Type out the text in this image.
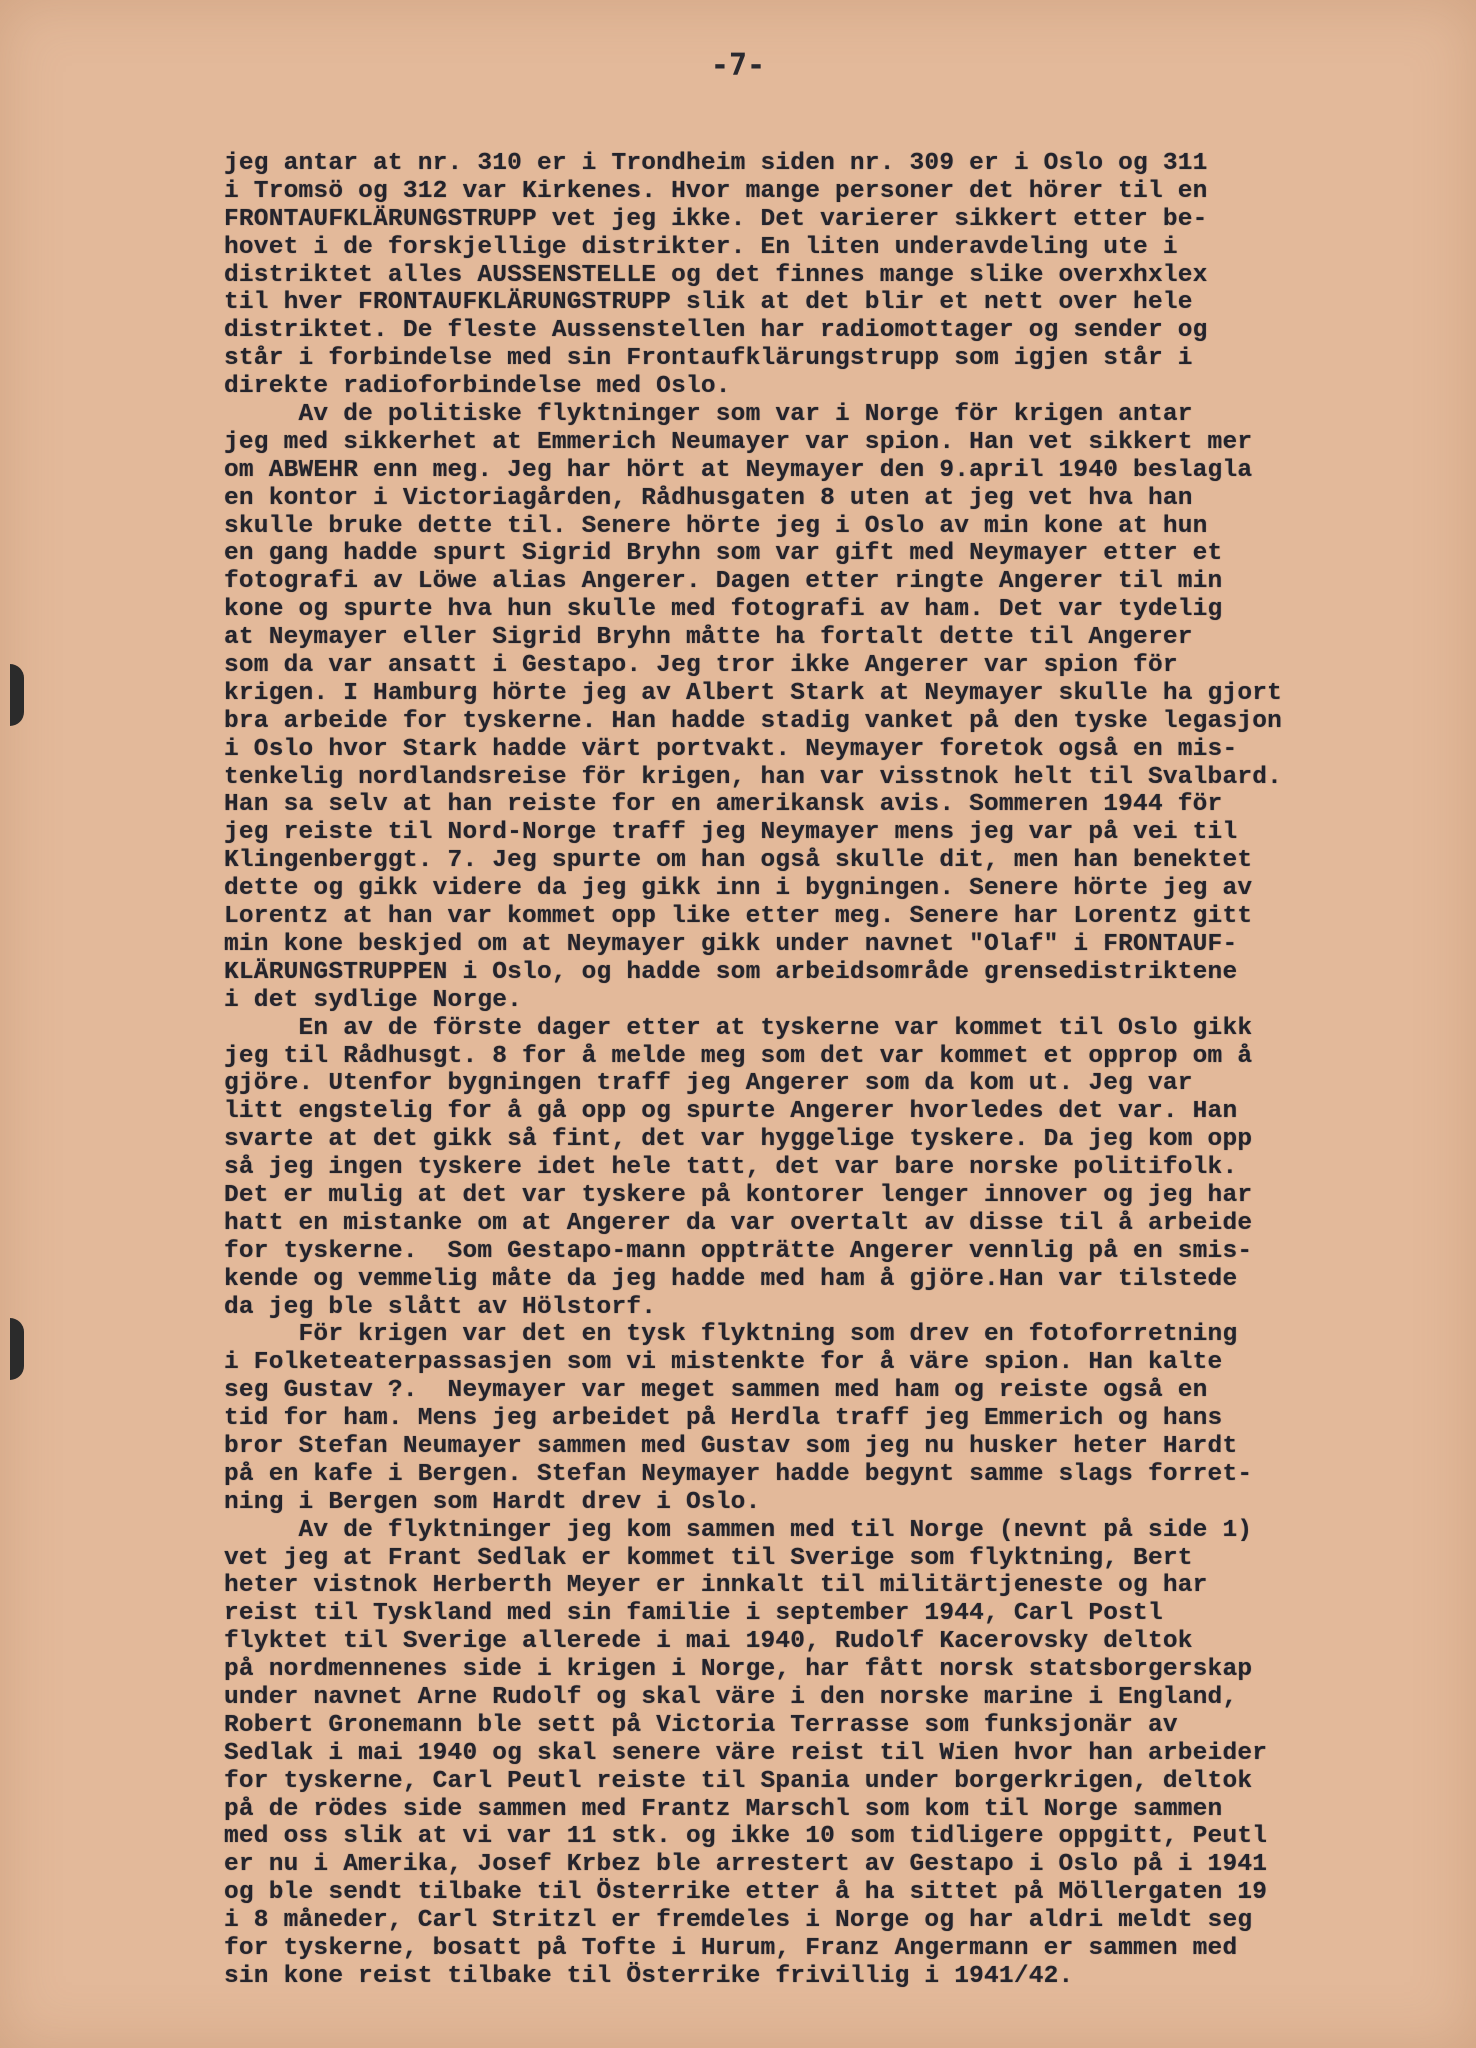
-7-
jeg antar at nr. 310 er i Trondheim siden nr. 309 er i Oslo og 311
i Tromsö og 312 var Kirkenes. Hvor mange personer det hörer til en
FRONTAUFKLÄRUNGSTRUPP vet jeg ikke. Det varierer sikkert etter be-
hovet i de forskjellige distrikter. En liten underavdeling ute i
distriktet alles AUSSENSTELLE og det finnes mange slike overxhxlex
til hver FRONTAUFKLÄRUNGSTRUPP slik at det blir et nett over hele
distriktet. De fleste Aussenstellen har radiomottager og sender og
står i forbindelse med sin Frontaufklärungstrupp som igjen står i
direkte radioforbindelse med Oslo.
Av de politiske flyktninger som var i Norge för krigen antar
jeg med sikkerhet at Emmerich Neumayer var spion. Han vet sikkert mer
om ABWEHR enn meg. Jeg har hört at Neymayer den 9.april 1940 beslagla
en kontor i Victoriagården, Rådhusgaten 8 uten at jeg vet hva han
skulle bruke dette til. Senere hörte jeg i Oslo av min kone at hun
en gang hadde spurt Sigrid Bryhn som var gift med Neymayer etter et
fotografi av Löwe alias Angerer. Dagen etter ringte Angerer til min
kone og spurte hva hun skulle med fotografi av ham. Det var tydelig
at Neymayer eller Sigrid Bryhn måtte ha fortalt dette til Angerer
som da var ansatt i Gestapo. Jeg tror ikke Angerer var spion för
krigen. I Hamburg hörte jeg av Albert Stark at Neymayer skulle ha gjort
bra arbeide for tyskerne. Han hadde stadig vanket på den tyske legasjon
i Oslo hvor Stark hadde värt portvakt. Neymayer foretok også en mis-
tenkelig nordlandsreise för krigen, han var visstnok helt til Svalbard.
Han sa selv at han reiste for en amerikansk avis. Sommeren 1944 för
jeg reiste til Nord-Norge traff jeg Neymayer mens jeg var på vei til
Klingenberggt. 7. Jeg spurte om han også skulle dit, men han benektet
dette og gikk videre da jeg gikk inn i bygningen. Senere hörte jeg av
Lorentz at han var kommet opp like etter meg. Senere har Lorentz gitt
min kone beskjed om at Neymayer gikk under navnet "Olaf" i FRONTAUF-
KLÄRUNGSTRUPPEN i Oslo, og hadde som arbeidsområde grensedistriktene
i det sydlige Norge.
En av de förste dager etter at tyskerne var kommet til Oslo gikk
jeg til Rådhusgt. 8 for å melde meg som det var kommet et opprop om å
gjöre. Utenfor bygningen traff jeg Angerer som da kom ut. Jeg var
litt engstelig for å gå opp og spurte Angerer hvorledes det var. Han
svarte at det gikk så fint, det var hyggelige tyskere. Da jeg kom opp
så jeg ingen tyskere idet hele tatt, det var bare norske politifolk.
Det er mulig at det var tyskere på kontorer lenger innover og jeg har
hatt en mistanke om at Angerer da var overtalt av disse til å arbeide
for tyskerne.  Som Gestapo-mann oppträtte Angerer vennlig på en smis-
kende og vemmelig måte da jeg hadde med ham å gjöre.Han var tilstede
da jeg ble slått av Hölstorf.
För krigen var det en tysk flyktning som drev en fotoforretning
i Folketeaterpassasjen som vi mistenkte for å väre spion. Han kalte
seg Gustav ?.  Neymayer var meget sammen med ham og reiste også en
tid for ham. Mens jeg arbeidet på Herdla traff jeg Emmerich og hans
bror Stefan Neumayer sammen med Gustav som jeg nu husker heter Hardt
på en kafe i Bergen. Stefan Neymayer hadde begynt samme slags forret-
ning i Bergen som Hardt drev i Oslo.
Av de flyktninger jeg kom sammen med til Norge (nevnt på side 1)
vet jeg at Frant Sedlak er kommet til Sverige som flyktning, Bert
heter vistnok Herberth Meyer er innkalt til militärtjeneste og har
reist til Tyskland med sin familie i september 1944, Carl Postl
flyktet til Sverige allerede i mai 1940, Rudolf Kacerovsky deltok
på nordmennenes side i krigen i Norge, har fått norsk statsborgerskap
under navnet Arne Rudolf og skal väre i den norske marine i England,
Robert Gronemann ble sett på Victoria Terrasse som funksjonär av
Sedlak i mai 1940 og skal senere väre reist til Wien hvor han arbeider
for tyskerne, Carl Peutl reiste til Spania under borgerkrigen, deltok
på de rödes side sammen med Frantz Marschl som kom til Norge sammen
med oss slik at vi var 11 stk. og ikke 10 som tidligere oppgitt, Peutl
er nu i Amerika, Josef Krbez ble arrestert av Gestapo i Oslo på i 1941
og ble sendt tilbake til Österrike etter å ha sittet på Möllergaten 19
i 8 måneder, Carl Stritzl er fremdeles i Norge og har aldri meldt seg
for tyskerne, bosatt på Tofte i Hurum, Franz Angermann er sammen med
sin kone reist tilbake til Österrike frivillig i 1941/42.
